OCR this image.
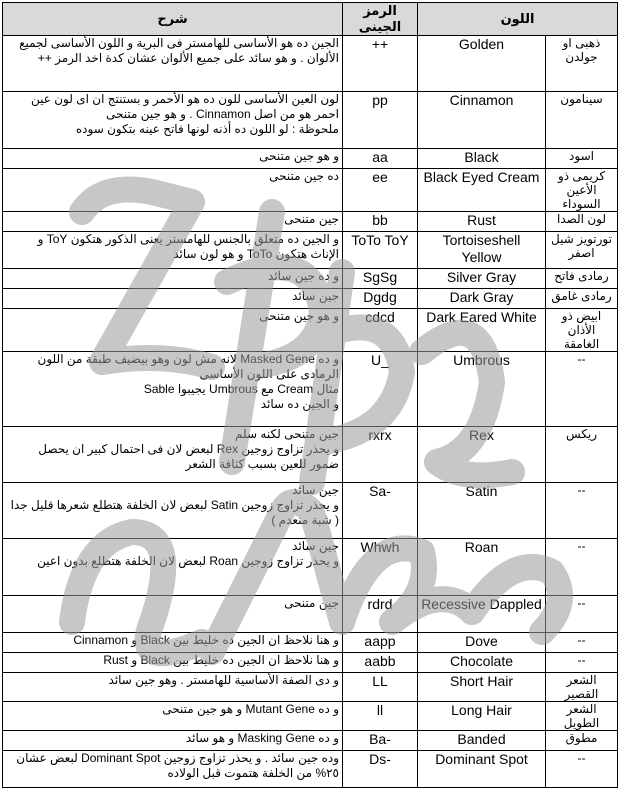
شرح	الرمز الجينى	اللون	

الجين ده هو الأساسى للهامستر فى البرية و اللون الأساسى لجميع الألوان . و هو سائد على جميع الألوان عشان كدة اخد الرمز ++	++	Golden	ذهبى او جولدن

لون العين الأساسى للون ده هو الأحمر و بستنتج ان اى لون عين احمر هو من اصل Cinnamon . و هو جين متنحى
ملحوظة : لو اللون ده أذنه لونها فاتح عينه بتكون سوده	pp	Cinnamon	سينامون

و هو جين متنحى	aa	Black	اسود

ده جين متنحى	ee	Black Eyed Cream	كريمى ذو الأعين السوداء

جين متنحى	bb	Rust	لون الصدا

و الجين ده متعلق بالجنس للهامستر يعنى الذكور هتكون ToY و الإناث هتكون ToTo و هو لون سائد	ToTo ToY	Tortoiseshell Yellow	تورتويز شيل اصفر

و ده جين سائد	SgSg	Silver Gray	رمادى فاتح

جين سائد	Dgdg	Dark Gray	رمادى غامق

و هو جين متنحى	cdcd	Dark Eared White	ابيض ذو الأذان الغامقة

و ده Masked Gene لانه مش لون وهو بيضيف طبقة من اللون الرمادى على اللون الأساسى
مثال Cream مع Umbrous يجيبوا Sable
و الجين ده سائد	U_	Umbrous	--

جين متنحى لكنه سلم
و يحذر تزاوج زوجين Rex لبعض لان فى احتمال كبير ان يحصل ضمور للعين بسبب كثافة الشعر	rxrx	Rex	ريكس

جين سائد
و يحذر تزاوج زوجين Satin لبعض لان الخلفة هتطلع شعرها قليل جدا ( شبة منعدم )	Sa-	Satin	--

جين سائد
و يحذر تزاوج زوجين Roan لبعض لان الخلفة هتطلع بدون اعين	Whwh	Roan	--

جين متنحى	rdrd	Recessive Dappled	--

و هنا نلاحظ ان الجين ده خليط بين Black و Cinnamon	aapp	Dove	--

و هنا نلاحظ ان الجين ده خليط بين Black و Rust	aabb	Chocolate	--

و دى الصفة الأساسية للهامستر . وهو جين سائد	LL	Short Hair	الشعر القصير

و ده Mutant Gene و هو جين متنحى	ll	Long Hair	الشعر الطويل

و ده Masking Gene و هو سائد	Ba-	Banded	مطوق

وده جين سائد . و يحذر تزاوج زوجين Dominant Spot لبعض عشان ٢٥% من الخلفة هتموت قبل الولاده	Ds-	Dominant Spot	--
